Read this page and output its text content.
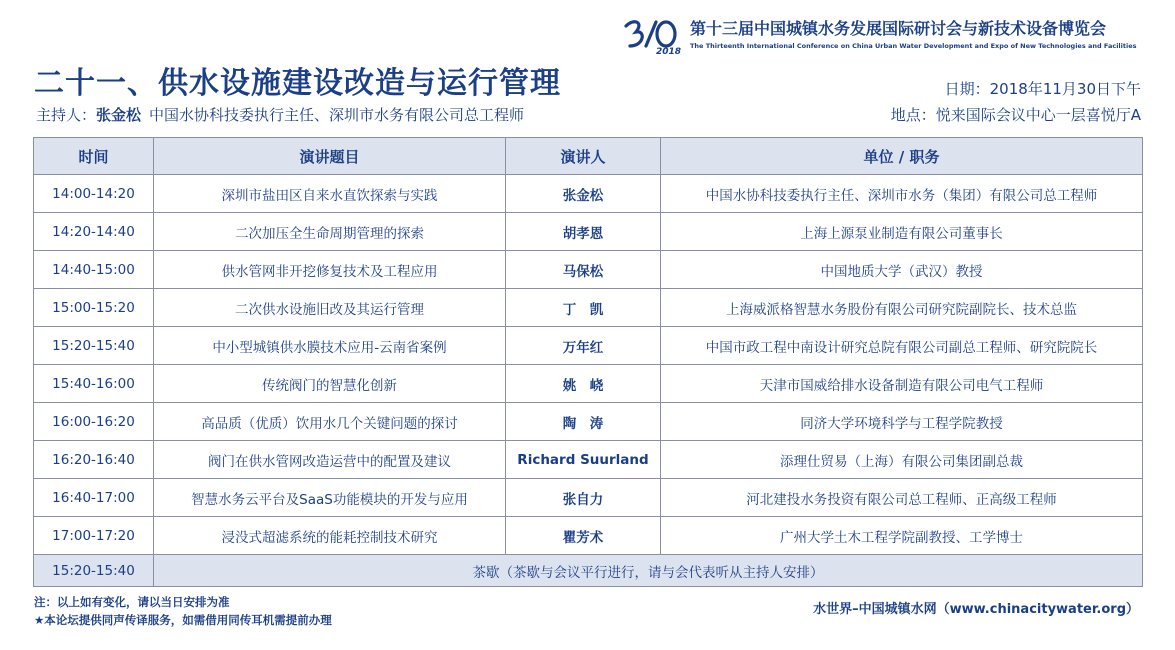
2018
第十三届中国城镇水务发展国际研讨会与新技术设备博览会
The Thirteenth International Conference on China Urban Water Development and Expo of New Technologies and Facilities
二十一、供水设施建设改造与运行管理
主持人：张金松 中国水协科技委执行主任、深圳市水务有限公司总工程师
日期：2018年11月30日下午
地点：悦来国际会议中心一层喜悦厅A
时间	演讲题目	演讲人	单位 / 职务
14:00-14:20	深圳市盐田区自来水直饮探索与实践	张金松	中国水协科技委执行主任、深圳市水务（集团）有限公司总工程师
14:20-14:40	二次加压全生命周期管理的探索	胡孝恩	上海上源泵业制造有限公司董事长
14:40-15:00	供水管网非开挖修复技术及工程应用	马保松	中国地质大学（武汉）教授
15:00-15:20	二次供水设施旧改及其运行管理	丁　凯	上海威派格智慧水务股份有限公司研究院副院长、技术总监
15:20-15:40	中小型城镇供水膜技术应用-云南省案例	万年红	中国市政工程中南设计研究总院有限公司副总工程师、研究院院长
15:40-16:00	传统阀门的智慧化创新	姚　峣	天津市国威给排水设备制造有限公司电气工程师
16:00-16:20	高品质（优质）饮用水几个关键问题的探讨	陶　涛	同济大学环境科学与工程学院教授
16:20-16:40	阀门在供水管网改造运营中的配置及建议	Richard Suurland	添理仕贸易（上海）有限公司集团副总裁
16:40-17:00	智慧水务云平台及SaaS功能模块的开发与应用	张自力	河北建投水务投资有限公司总工程师、正高级工程师
17:00-17:20	浸没式超滤系统的能耗控制技术研究	瞿芳术	广州大学土木工程学院副教授、工学博士
15:20-15:40	茶歇（茶歇与会议平行进行，请与会代表听从主持人安排）		
注：以上如有变化，请以当日安排为准
★本论坛提供同声传译服务，如需借用同传耳机需提前办理
水世界–中国城镇水网（www.chinacitywater.org）
